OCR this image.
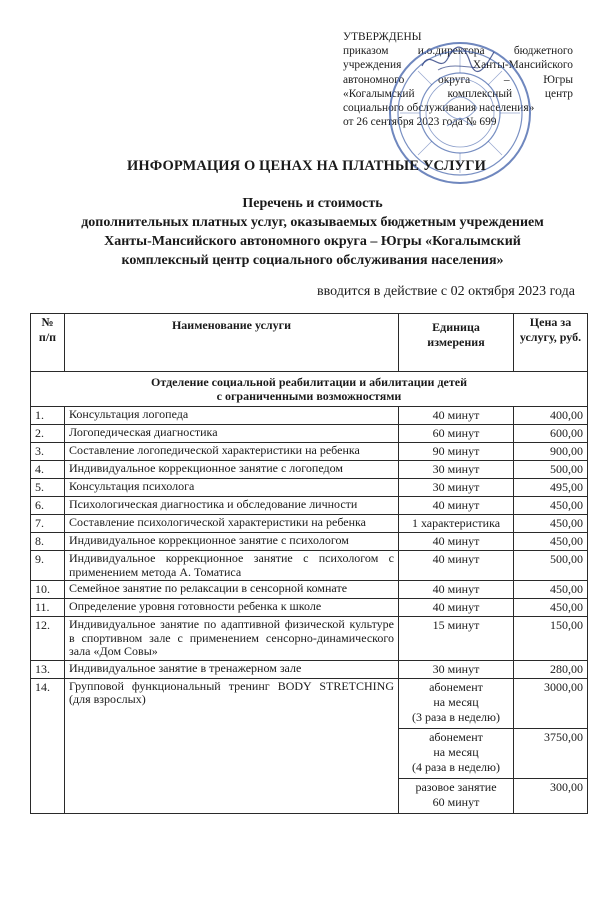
УТВЕРЖДЕНЫ
приказом и.о.директора бюджетного
учреждения Ханты-Мансийского
автономного округа – Югры
«Когалымский комплексный центр
социального обслуживания населения»
от 26 сентября 2023 года № 699
ИНФОРМАЦИЯ О ЦЕНАХ НА ПЛАТНЫЕ УСЛУГИ
Перечень и стоимость
дополнительных платных услуг, оказываемых бюджетным учреждением
Ханты-Мансийского автономного округа – Югры «Когалымский
комплексный центр социального обслуживания населения»
вводится в действие с 02 октября 2023 года
№ п/п	Наименование услуги	Единица измерения	Цена за услугу, руб.

Отделение социальной реабилитации и абилитации детей
с ограниченными возможностями			

1.	Консультация логопеда	40 минут	400,00
2.	Логопедическая диагностика	60 минут	600,00
3.	Составление логопедической характеристики на ребенка	90 минут	900,00
4.	Индивидуальное коррекционное занятие с логопедом	30 минут	500,00
5.	Консультация психолога	30 минут	495,00
6.	Психологическая диагностика и обследование личности	40 минут	450,00
7.	Составление психологической характеристики на ребенка	1 характеристика	450,00
8.	Индивидуальное коррекционное занятие с психологом	40 минут	450,00
9.	Индивидуальное коррекционное занятие с психологом с применением метода А. Томатиса	40 минут	500,00
10.	Семейное занятие по релаксации в сенсорной комнате	40 минут	450,00
11.	Определение уровня готовности ребенка к школе	40 минут	450,00
12.	Индивидуальное занятие по адаптивной физической культуре в спортивном зале с применением сенсорно-динамического зала «Дом Совы»	15 минут	150,00
13.	Индивидуальное занятие в тренажерном зале	30 минут	280,00
14.	Групповой функциональный тренинг BODY STRETCHING (для взрослых)	абонемент
на месяц
(3 раза в неделю)	3000,00

		абонемент
на месяц
(4 раза в неделю)	3750,00

		разовое занятие
60 минут	300,00
